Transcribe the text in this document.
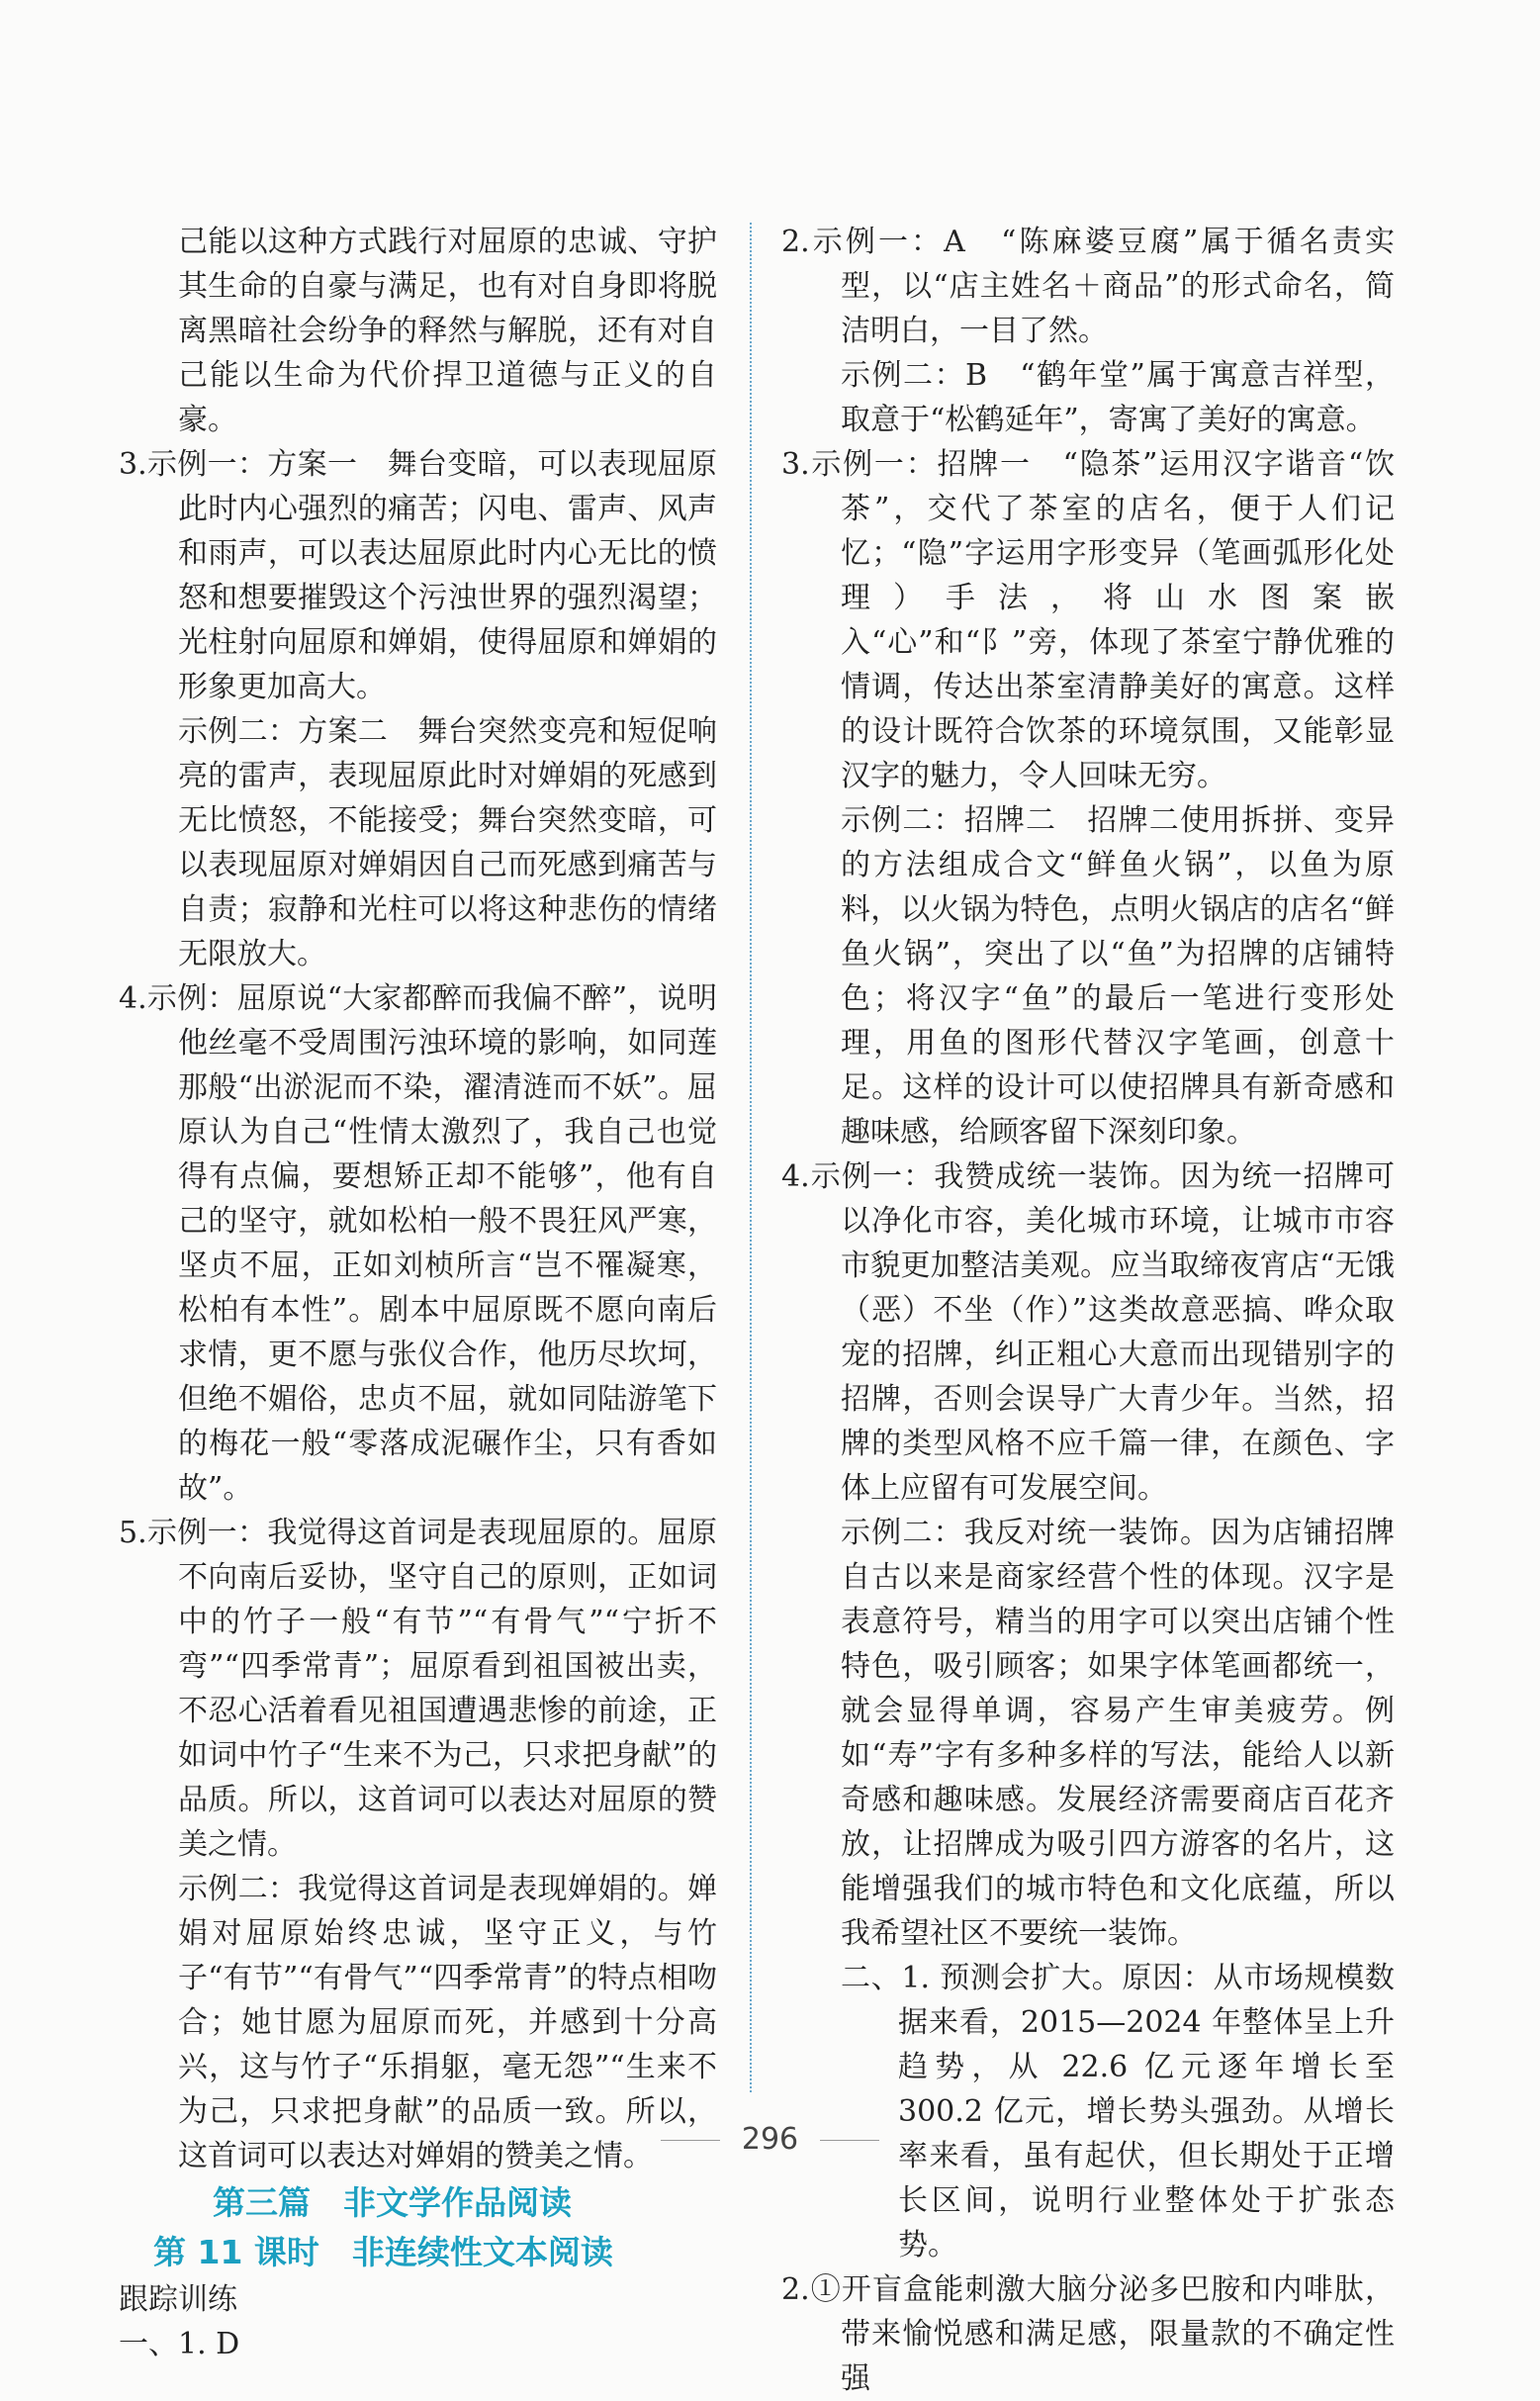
己能以这种方式践行对屈原的忠诚、守护其生命的自豪与满足，也有对自身即将脱离黑暗社会纷争的释然与解脱，还有对自己能以生命为代价捍卫道德与正义的自豪。

3.示例一：方案一　舞台变暗，可以表现屈原此时内心强烈的痛苦；闪电、雷声、风声和雨声，可以表达屈原此时内心无比的愤怒和想要摧毁这个污浊世界的强烈渴望；光柱射向屈原和婵娟，使得屈原和婵娟的形象更加高大。

示例二：方案二　舞台突然变亮和短促响亮的雷声，表现屈原此时对婵娟的死感到无比愤怒，不能接受；舞台突然变暗，可以表现屈原对婵娟因自己而死感到痛苦与自责；寂静和光柱可以将这种悲伤的情绪无限放大。

4.示例：屈原说“大家都醉而我偏不醉”，说明他丝毫不受周围污浊环境的影响，如同莲那般“出淤泥而不染，濯清涟而不妖”。屈原认为自己“性情太激烈了，我自己也觉得有点偏，要想矫正却不能够”，他有自己的坚守，就如松柏一般不畏狂风严寒，坚贞不屈，正如刘桢所言“岂不罹凝寒，松柏有本性”。剧本中屈原既不愿向南后求情，更不愿与张仪合作，他历尽坎坷，但绝不媚俗，忠贞不屈，就如同陆游笔下的梅花一般“零落成泥碾作尘，只有香如故”。

5.示例一：我觉得这首词是表现屈原的。屈原不向南后妥协，坚守自己的原则，正如词中的竹子一般“有节”“有骨气”“宁折不弯”“四季常青”；屈原看到祖国被出卖，不忍心活着看见祖国遭遇悲惨的前途，正如词中竹子“生来不为己，只求把身献”的品质。所以，这首词可以表达对屈原的赞美之情。

示例二：我觉得这首词是表现婵娟的。婵娟对屈原始终忠诚，坚守正义，与竹子“有节”“有骨气”“四季常青”的特点相吻合；她甘愿为屈原而死，并感到十分高兴，这与竹子“乐捐躯，毫无怨”“生来不为己，只求把身献”的品质一致。所以，这首词可以表达对婵娟的赞美之情。

第三篇　非文学作品阅读

第 11 课时　非连续性文本阅读

跟踪训练

一、1. D

2.示例一：A　“陈麻婆豆腐”属于循名责实型，以“店主姓名＋商品”的形式命名，简洁明白，一目了然。

示例二：B　“鹤年堂”属于寓意吉祥型，取意于“松鹤延年”，寄寓了美好的寓意。

3.示例一：招牌一　“隐茶”运用汉字谐音“饮茶”，交代了茶室的店名，便于人们记忆；“隐”字运用字形变异（笔画弧形化处理）手法，将山水图案嵌入“心”和“阝”旁，体现了茶室宁静优雅的情调，传达出茶室清静美好的寓意。这样的设计既符合饮茶的环境氛围，又能彰显汉字的魅力，令人回味无穷。

示例二：招牌二　招牌二使用拆拼、变异的方法组成合文“鲜鱼火锅”，以鱼为原料，以火锅为特色，点明火锅店的店名“鲜鱼火锅”，突出了以“鱼”为招牌的店铺特色；将汉字“鱼”的最后一笔进行变形处理，用鱼的图形代替汉字笔画，创意十足。这样的设计可以使招牌具有新奇感和趣味感，给顾客留下深刻印象。

4.示例一：我赞成统一装饰。因为统一招牌可以净化市容，美化城市环境，让城市市容市貌更加整洁美观。应当取缔夜宵店“无饿（恶）不坐（作）”这类故意恶搞、哗众取宠的招牌，纠正粗心大意而出现错别字的招牌，否则会误导广大青少年。当然，招牌的类型风格不应千篇一律，在颜色、字体上应留有可发展空间。

示例二：我反对统一装饰。因为店铺招牌自古以来是商家经营个性的体现。汉字是表意符号，精当的用字可以突出店铺个性特色，吸引顾客；如果字体笔画都统一，就会显得单调，容易产生审美疲劳。例如“寿”字有多种多样的写法，能给人以新奇感和趣味感。发展经济需要商店百花齐放，让招牌成为吸引四方游客的名片，这能增强我们的城市特色和文化底蕴，所以我希望社区不要统一装饰。

二、1. 预测会扩大。原因：从市场规模数据来看，2015—2024 年整体呈上升趋势，从 22.6 亿元逐年增长至 300.2 亿元，增长势头强劲。从增长率来看，虽有起伏，但长期处于正增长区间，说明行业整体处于扩张态势。

2.①开盲盒能刺激大脑分泌多巴胺和内啡肽，带来愉悦感和满足感，限量款的不确定性强

296
